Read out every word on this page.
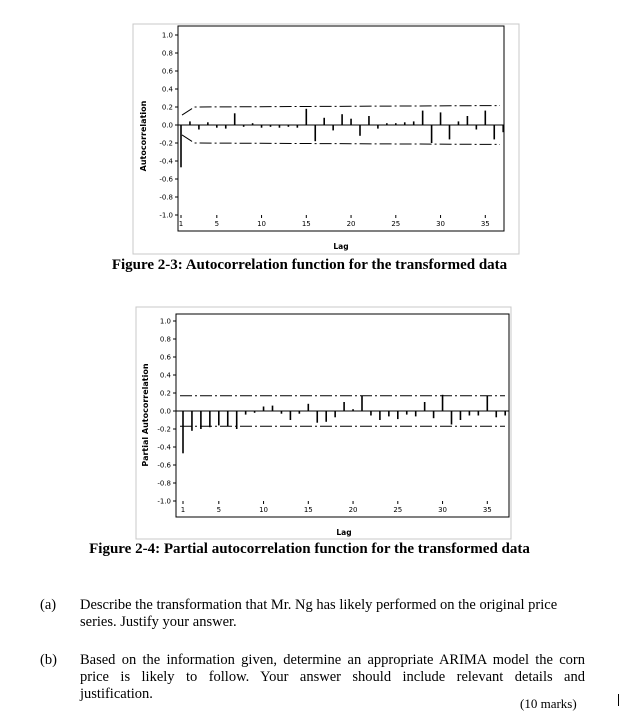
Autocorrelation
Lag
1.0
0.8
0.6
0.4
0.2
0.0
-0.2
-0.4
-0.6
-0.8
-1.0
1	5	10	15	20	25	30	35
Figure 2-3: Autocorrelation function for the transformed data
Partial Autocorrelation
Lag
1.0
0.8
0.6
0.4
0.2
0.0
-0.2
-0.4
-0.6
-0.8
-1.0
1	5	10	15	20	25	30	35
Figure 2-4: Partial autocorrelation function for the transformed data
(a) Describe the transformation that Mr. Ng has likely performed on the original price
series. Justify your answer.
(b) Based on the information given, determine an appropriate ARIMA model the corn
price is likely to follow. Your answer should include relevant details and
justification.
(10 marks)
